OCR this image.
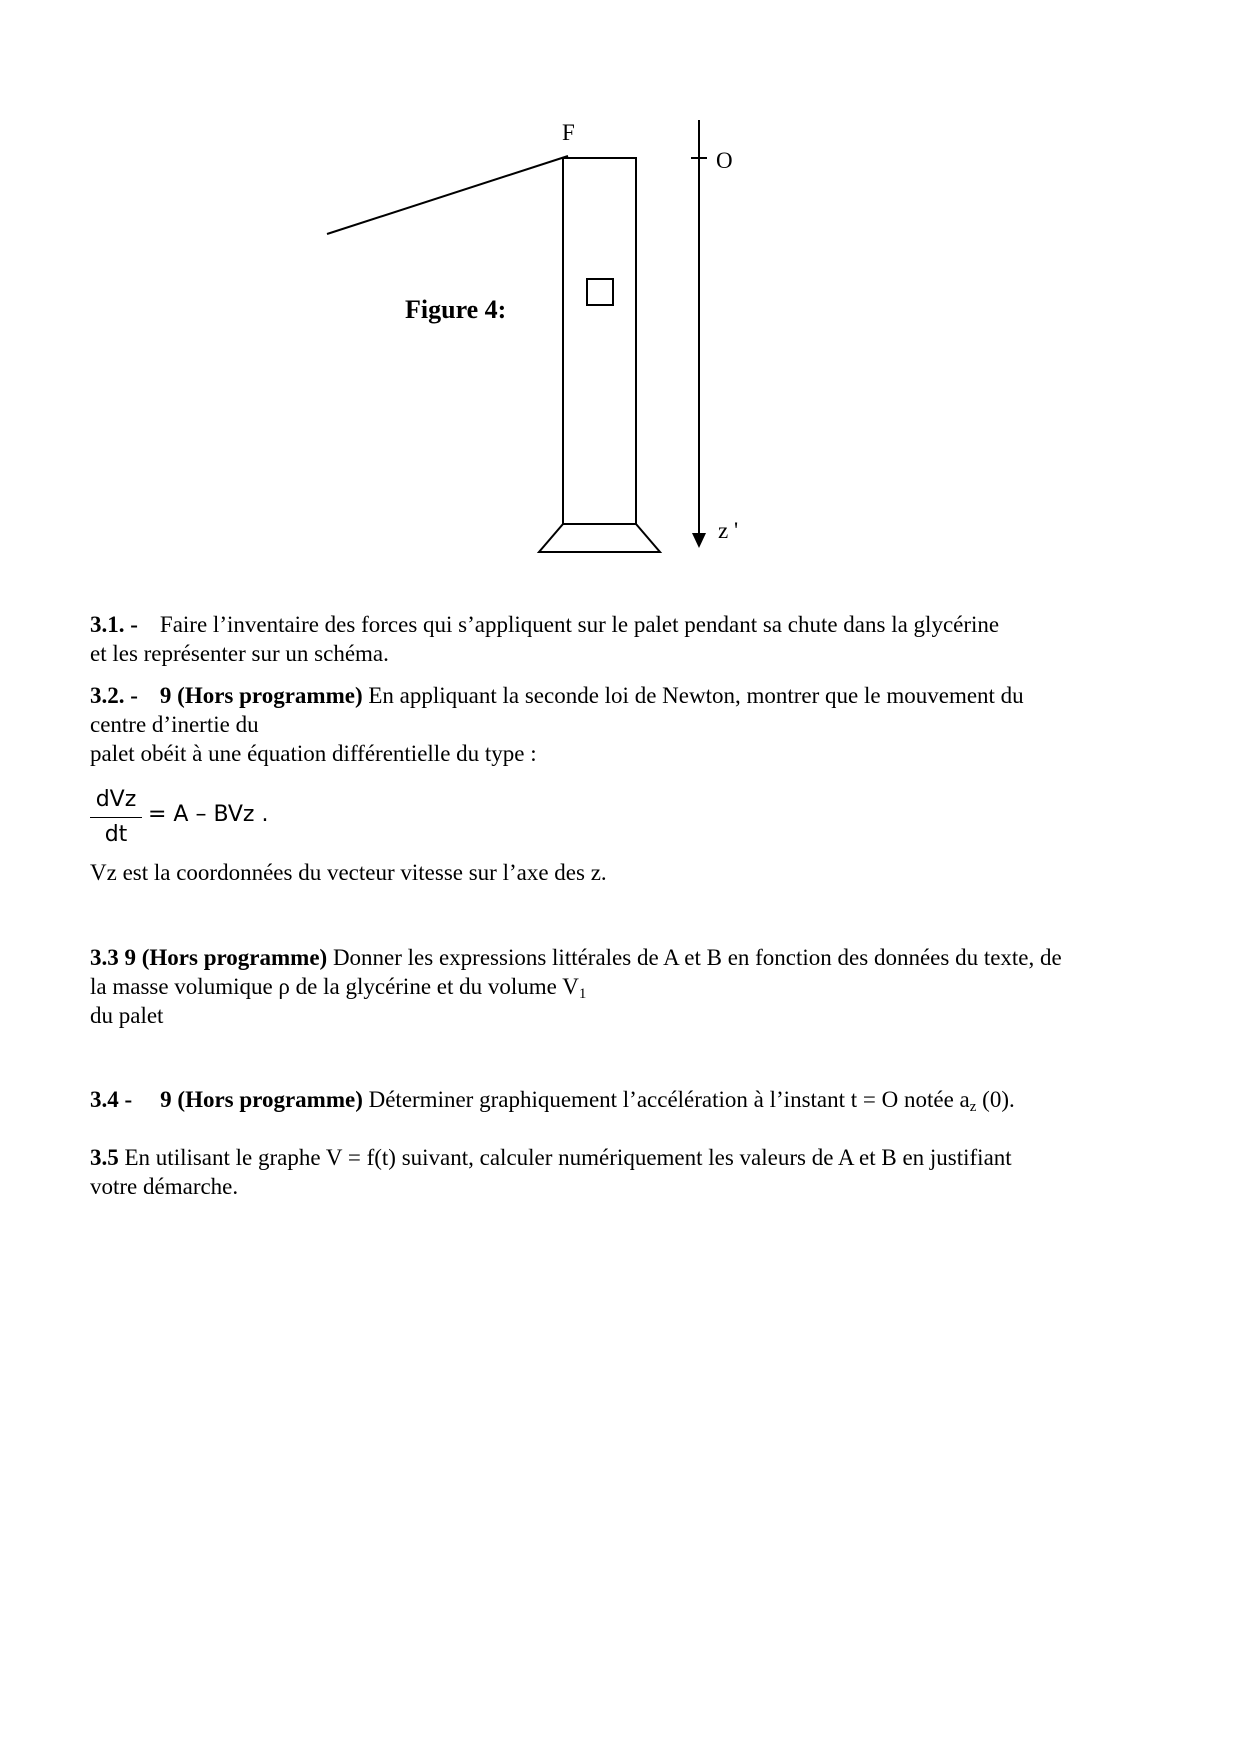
F
O
z '
Figure 4:
3.1. - Faire l’inventaire des forces qui s’appliquent sur le palet pendant sa chute dans la glycérine
et les représenter sur un schéma.
3.2. - 9 (Hors programme) En appliquant la seconde loi de Newton, montrer que le mouvement du
centre d’inertie du
palet obéit à une équation différentielle du type :
dVz
dt
= A – BVz .
Vz est la coordonnées du vecteur vitesse sur l’axe des z.
3.3 9 (Hors programme) Donner les expressions littérales de A et B en fonction des données du texte, de
la masse volumique ρ de la glycérine et du volume $V_1$
du palet
3.4 - 9 (Hors programme) Déterminer graphiquement l’accélération à l’instant t = O notée $a_z$ (0).
3.5 En utilisant le graphe V = f(t) suivant, calculer numériquement les valeurs de A et B en justifiant
votre démarche.
